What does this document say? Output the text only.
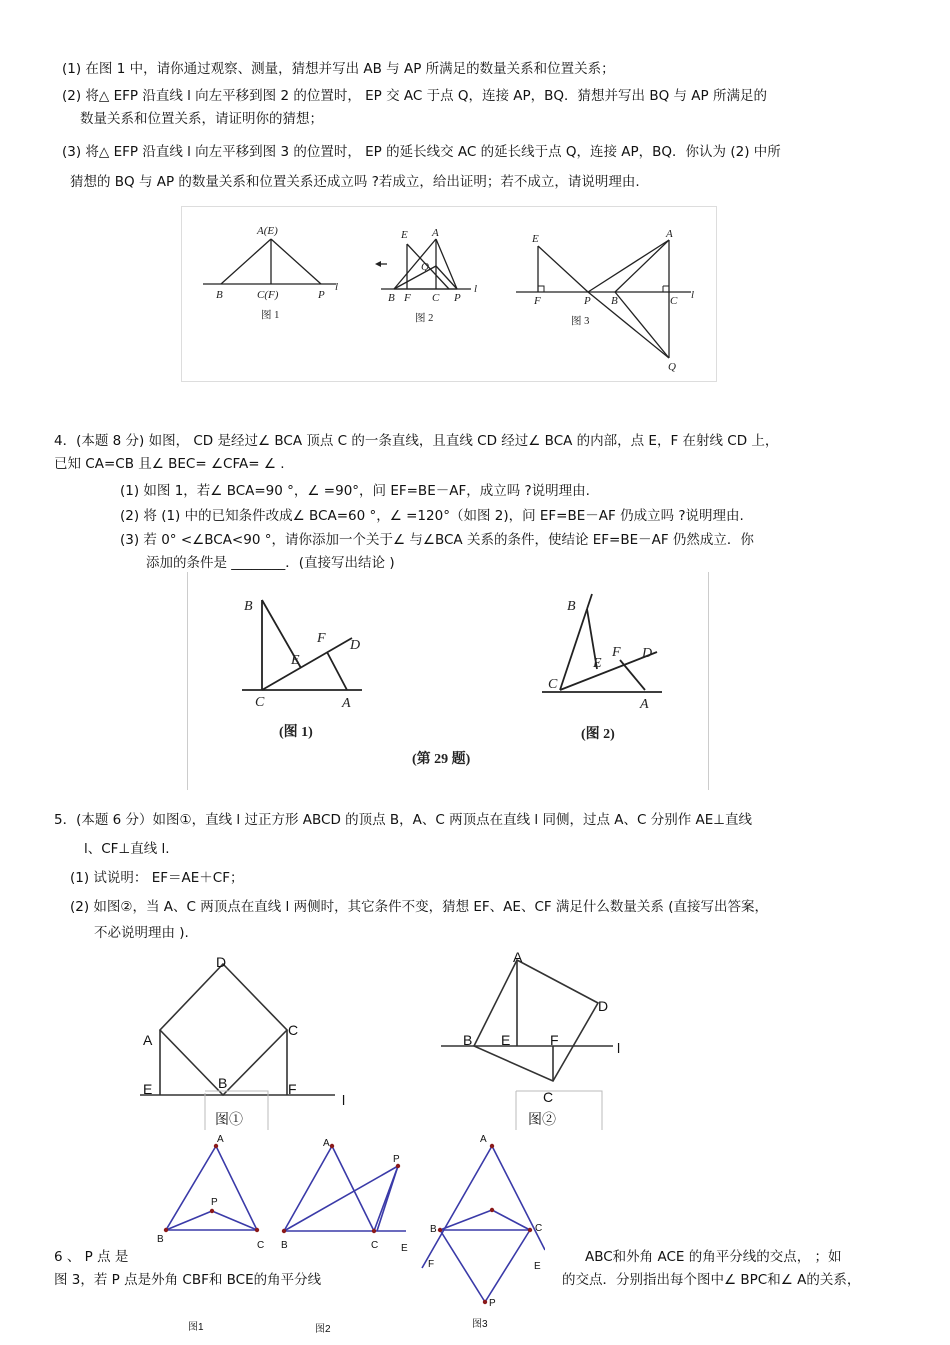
(1) 在图 1 中，请你通过观察、测量，猜想并写出 AB 与 AP 所满足的数量关系和位置关系；
(2) 将△ EFP 沿直线 l 向左平移到图 2 的位置时， EP 交 AC 于点 Q，连接 AP，BQ．猜想并写出 BQ 与 AP 所满足的
数量关系和位置关系，请证明你的猜想；
(3) 将△ EFP 沿直线 l 向左平移到图 3 的位置时， EP 的延长线交 AC 的延长线于点 Q，连接 AP，BQ．你认为 (2) 中所
猜想的 BQ 与 AP 的数量关系和位置关系还成立吗 ?若成立，给出证明；若不成立，请说明理由.
A(E)
B	C(F)	P
l
图 1
E A
Q
B F C P
l
图 2
E	A
F	P B	C l
Q
图 3
4．(本题 8 分) 如图， CD 是经过∠ BCA 顶点 C 的一条直线，且直线 CD 经过∠ BCA 的内部，点 E，F 在射线 CD 上，
已知 CA=CB 且∠ BEC= ∠CFA= ∠ .
(1) 如图 1，若∠ BCA=90 °，∠ =90°，问 EF=BE－AF，成立吗 ?说明理由.
(2) 将 (1) 中的已知条件改成∠ BCA=60 °，∠ =120°（如图 2)，问 EF=BE－AF 仍成立吗 ?说明理由.
(3) 若 0° <∠BCA<90 °，请你添加一个关于∠ 与∠BCA 关系的条件，使结论 EF=BE－AF 仍然成立．你
添加的条件是 ________．(直接写出结论 )
B
F D
E
C	A
(图 1)
B
F D
E
C
A
(图 2)
(第 29 题)
5．(本题 6 分）如图①，直线 l 过正方形 ABCD 的顶点 B，A、C 两顶点在直线 l 同侧，过点 A、C 分别作 AE⊥直线
l、CF⊥直线 l.
(1) 试说明： EF＝AE＋CF；
(2) 如图②，当 A、C 两顶点在直线 l 两侧时，其它条件不变，猜想 EF、AE、CF 满足什么数量关系 (直接写出答案，
不必说明理由 ).
D
A
C
E	B	F
l
图①
A
D
B E	F	l
C
图②
A
P
B
C
A
P
B	C E
A
B	C
F	E
P
图1	图2	图3
6 、 P 点 是	ABC和外角 ACE 的角平分线的交点， ；如
图 3，若 P 点是外角 CBF和 BCE的角平分线	的交点．分别指出每个图中∠ BPC和∠ A的关系，
